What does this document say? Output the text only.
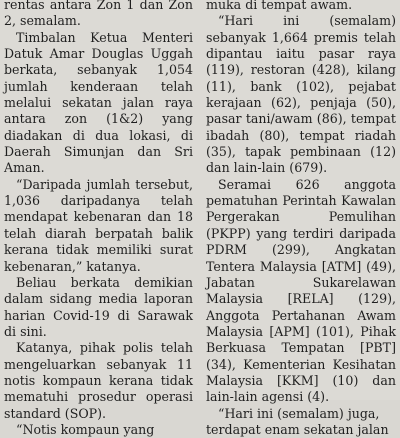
rentas antara Zon 1 dan Zon 2, semalam.

Timbalan Ketua Menteri Datuk Amar Douglas Uggah berkata, sebanyak 1,054 jumlah kenderaan telah melalui sekatan jalan raya antara zon (1&2) yang diadakan di dua lokasi, di Daerah Simunjan dan Sri Aman.

“Daripada jumlah tersebut, 1,036 daripadanya telah mendapat kebenaran dan 18 telah diarah berpatah balik kerana tidak memiliki surat kebenaran,” katanya.

Beliau berkata demikian dalam sidang media laporan harian Covid-19 di Sarawak di sini.

Katanya, pihak polis telah mengeluarkan sebanyak 11 notis kompaun kerana tidak mematuhi prosedur operasi standard (SOP).

“Notis kompaun yang

muka di tempat awam.

“Hari ini (semalam) sebanyak 1,664 premis telah dipantau iaitu pasar raya (119), restoran (428), kilang (11), bank (102), pejabat kerajaan (62), penjaja (50), pasar tani/awam (86), tempat ibadah (80), tempat riadah (35), tapak pembinaan (12) dan lain-lain (679).

Seramai 626 anggota pematuhan Perintah Kawalan Pergerakan Pemulihan (PKPP) yang terdiri daripada PDRM (299), Angkatan Tentera Malaysia [ATM] (49), Jabatan Sukarelawan Malaysia [RELA] (129), Anggota Pertahanan Awam Malaysia [APM] (101), Pihak Berkuasa Tempatan [PBT](34), Kementerian Kesihatan Malaysia [KKM] (10) dan lain-lain agensi (4).

“Hari ini (semalam) juga, terdapat enam sekatan jalan
